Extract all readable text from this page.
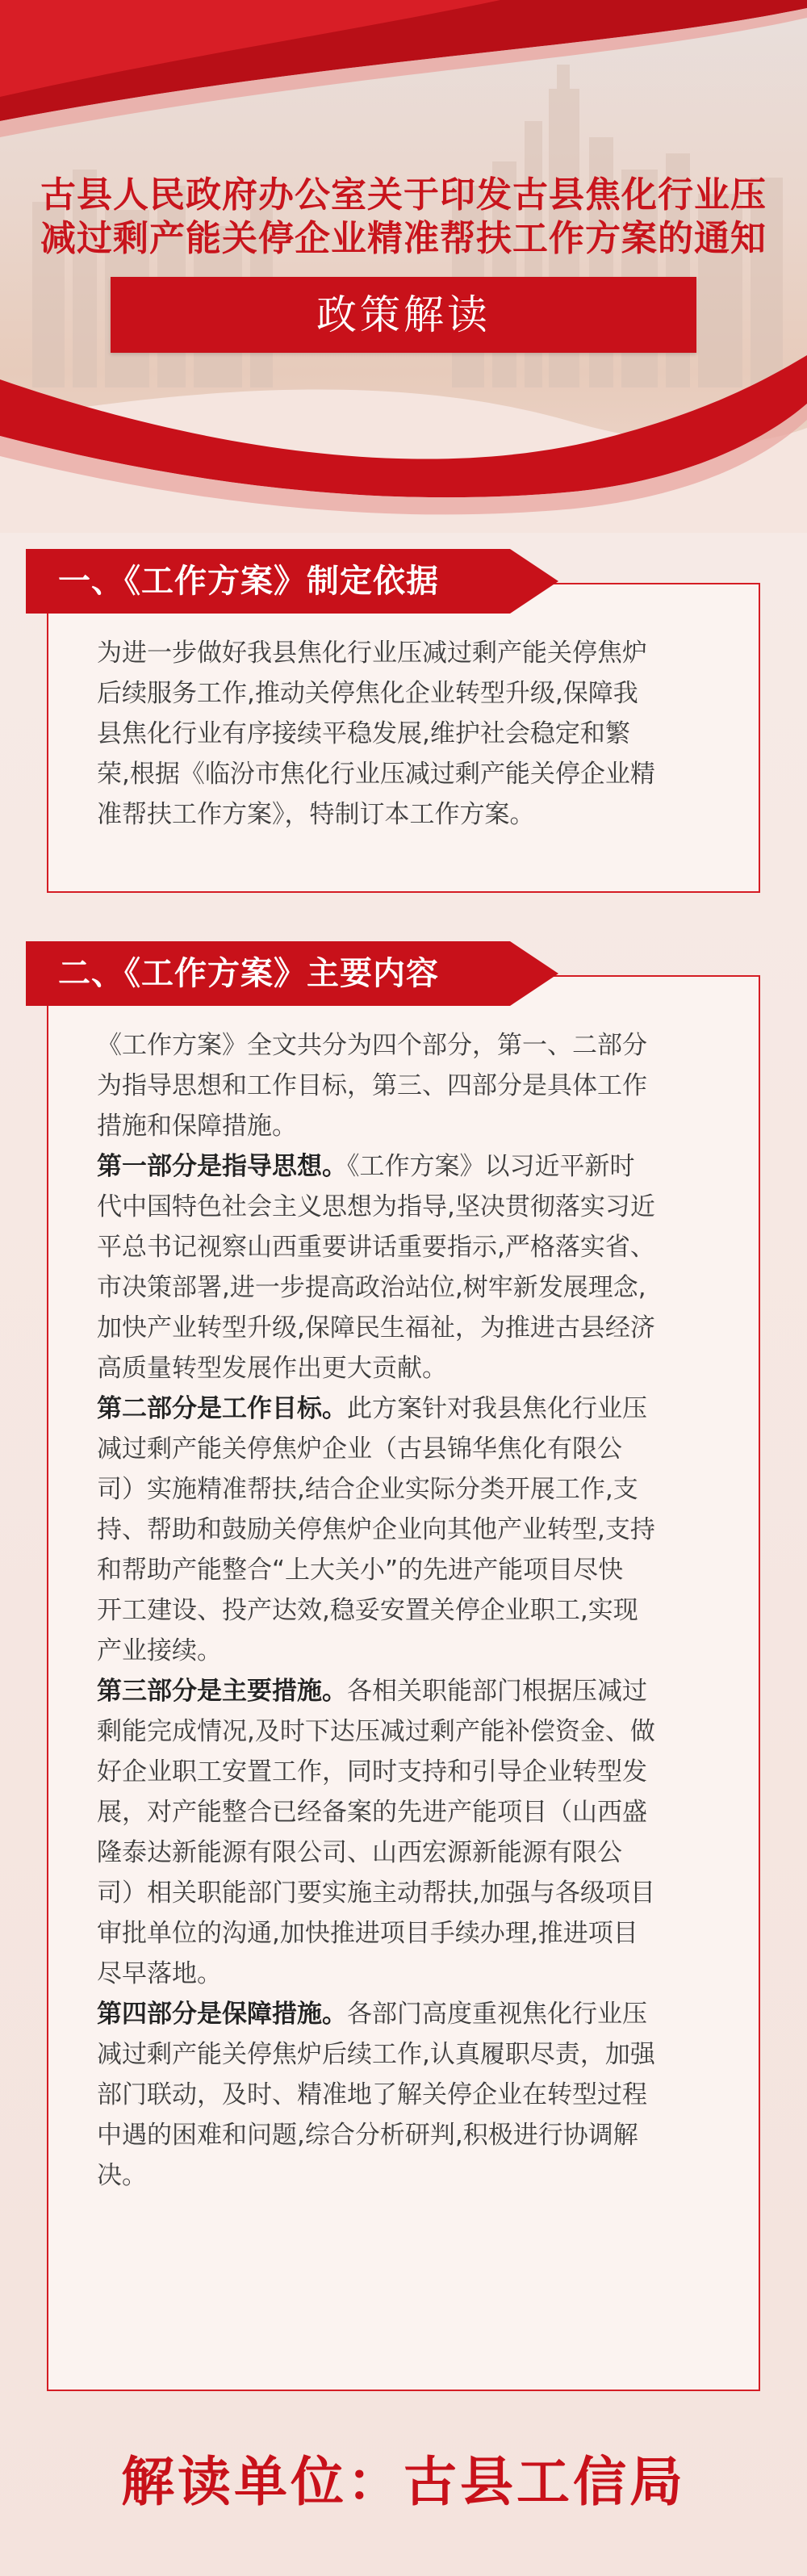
古县人民政府办公室关于印发古县焦化行业压
减过剩产能关停企业精准帮扶工作方案的通知
政策解读
为进一步做好我县焦化行业压减过剩产能关停焦炉
后续服务工作,推动关停焦化企业转型升级,保障我
县焦化行业有序接续平稳发展,维护社会稳定和繁
荣,根据《临汾市焦化行业压减过剩产能关停企业精
准帮扶工作方案》，特制订本工作方案。
一、《工作方案》制定依据
《工作方案》全文共分为四个部分，第一、二部分
为指导思想和工作目标，第三、四部分是具体工作
措施和保障措施。
第一部分是指导思想。《工作方案》以习近平新时
代中国特色社会主义思想为指导,坚决贯彻落实习近
平总书记视察山西重要讲话重要指示,严格落实省、
市决策部署,进一步提高政治站位,树牢新发展理念,
加快产业转型升级,保障民生福祉，为推进古县经济
高质量转型发展作出更大贡献。
第二部分是工作目标。此方案针对我县焦化行业压
减过剩产能关停焦炉企业（古县锦华焦化有限公
司）实施精准帮扶,结合企业实际分类开展工作,支
持、帮助和鼓励关停焦炉企业向其他产业转型,支持
和帮助产能整合“上大关小”的先进产能项目尽快
开工建设、投产达效,稳妥安置关停企业职工,实现
产业接续。
第三部分是主要措施。各相关职能部门根据压减过
剩能完成情况,及时下达压减过剩产能补偿资金、做
好企业职工安置工作，同时支持和引导企业转型发
展，对产能整合已经备案的先进产能项目（山西盛
隆泰达新能源有限公司、山西宏源新能源有限公
司）相关职能部门要实施主动帮扶,加强与各级项目
审批单位的沟通,加快推进项目手续办理,推进项目
尽早落地。
第四部分是保障措施。各部门高度重视焦化行业压
减过剩产能关停焦炉后续工作,认真履职尽责，加强
部门联动，及时、精准地了解关停企业在转型过程
中遇的困难和问题,综合分析研判,积极进行协调解
决。
二、《工作方案》主要内容
解读单位：古县工信局
